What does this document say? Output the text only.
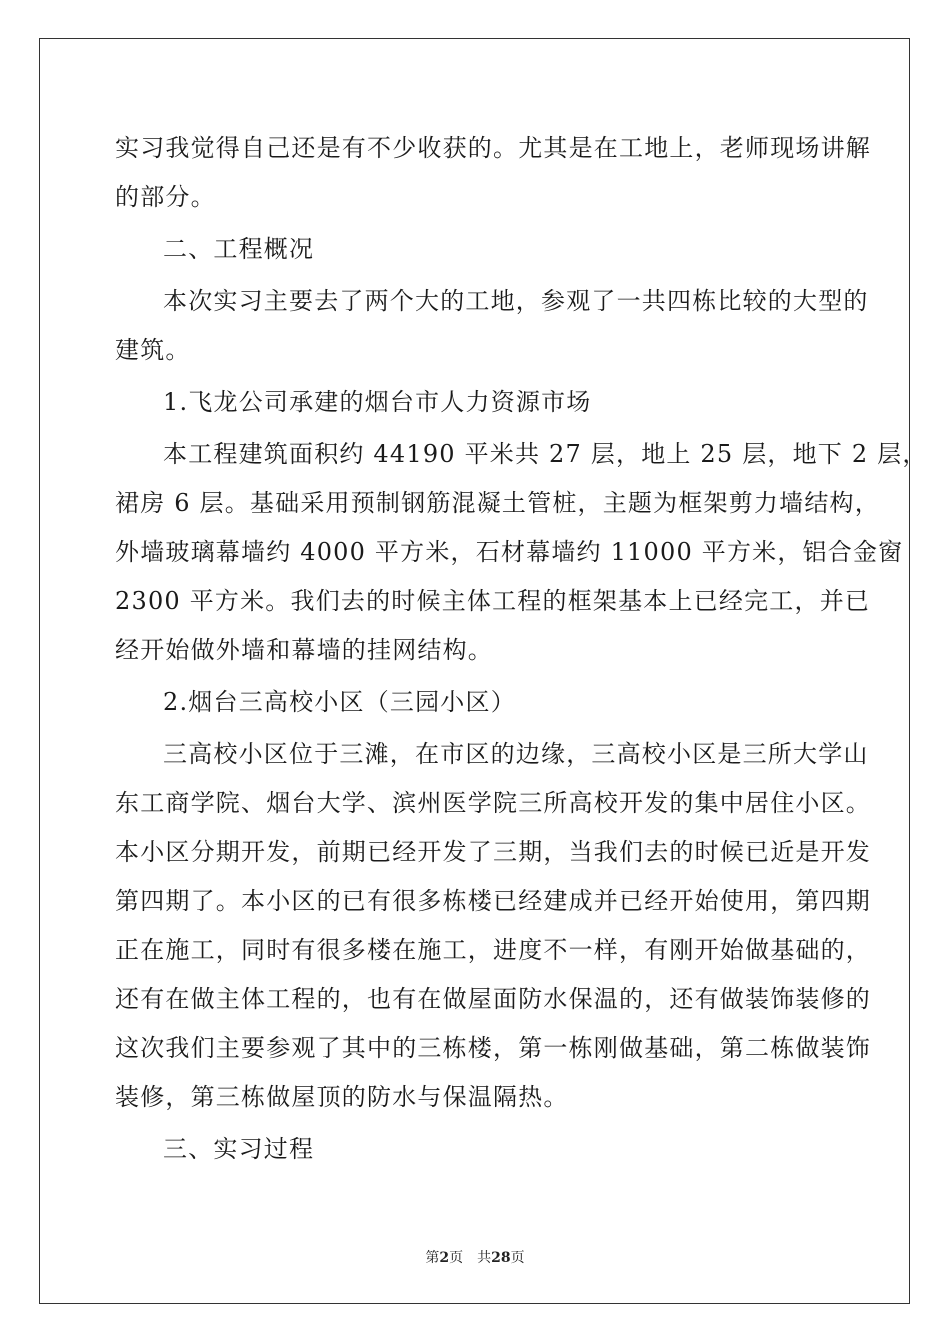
实习我觉得自己还是有不少收获的。尤其是在工地上，老师现场讲解
的部分。
二、工程概况
本次实习主要去了两个大的工地，参观了一共四栋比较的大型的
建筑。
1.飞龙公司承建的烟台市人力资源市场
本工程建筑面积约 44190 平米共 27 层，地上 25 层，地下 2 层，
裙房 6 层。基础采用预制钢筋混凝土管桩，主题为框架剪力墙结构，
外墙玻璃幕墙约 4000 平方米，石材幕墙约 11000 平方米，铝合金窗
2300 平方米。我们去的时候主体工程的框架基本上已经完工，并已
经开始做外墙和幕墙的挂网结构。
2.烟台三高校小区（三园小区）
三高校小区位于三滩，在市区的边缘，三高校小区是三所大学山
东工商学院、烟台大学、滨州医学院三所高校开发的集中居住小区。
本小区分期开发，前期已经开发了三期，当我们去的时候已近是开发
第四期了。本小区的已有很多栋楼已经建成并已经开始使用，第四期
正在施工，同时有很多楼在施工，进度不一样，有刚开始做基础的，
还有在做主体工程的，也有在做屋面防水保温的，还有做装饰装修的
这次我们主要参观了其中的三栋楼，第一栋刚做基础，第二栋做装饰
装修，第三栋做屋顶的防水与保温隔热。
三、实习过程
第2页 共28页
